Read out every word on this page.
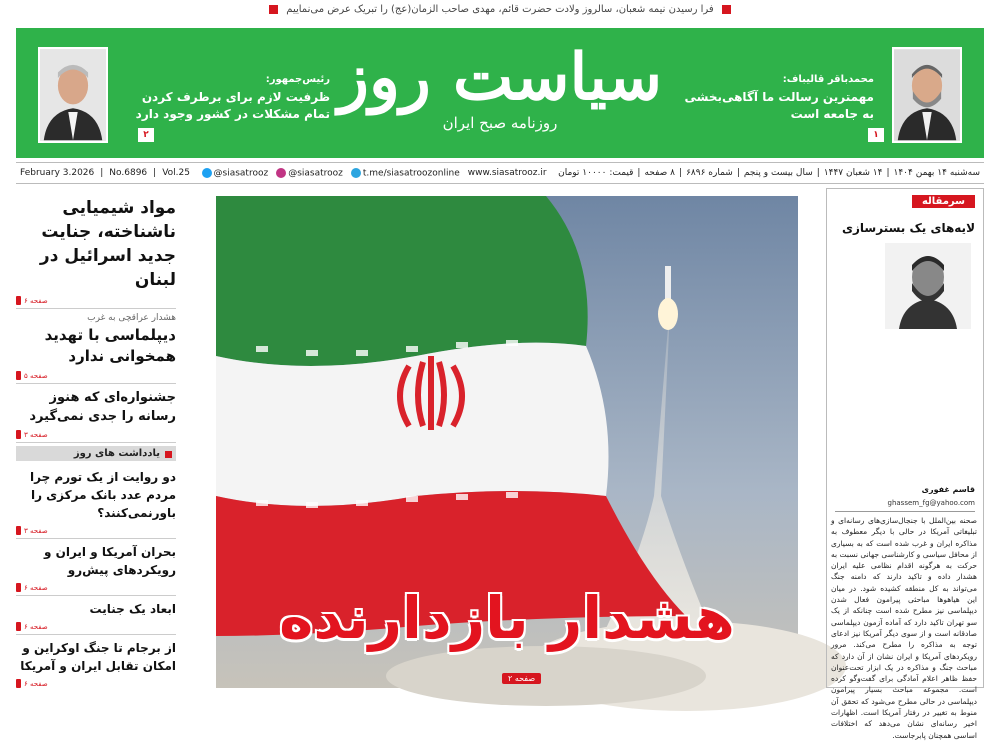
فرا رسیدن نیمه شعبان، سالروز ولادت حضرت قائم، مهدی صاحب الزمان(عج) را تبریک عرض می‌نماییم
محمدباقر قالیباف:
مهمترین رسالت ما آگاهی‌بخشی به جامعه است
۱
سیاست روز
روزنامه صبح ایران
رئیس‌جمهور:
ظرفیت لازم برای برطرف کردن تمام مشکلات در کشور وجود دارد
۲
سه‌شنبه ۱۴ بهمن ۱۴۰۴
|
۱۴ شعبان ۱۴۴۷
|
سال بیست و پنجم
|
شماره ۶۸۹۶
|
۸ صفحه
|
قیمت: ۱۰۰۰۰ تومان
@siasatrooz	@siasatrooz	t.me/siasatroozonline www.siasatrooz.ir
February 3.2026 | No.6896 | Vol.25
مواد شیمیایی ناشناخته، جنایت جدید اسرائیل در لبنان
صفحه ۶
هشدار عراقچی به غرب
دیپلماسی با تهدید همخوانی ندارد
صفحه ۵
جشنواره‌ای که هنوز رسانه را جدی نمی‌گیرد
صفحه ۳
یادداشت های روز
دو روایت از یک تورم چرا مردم عدد بانک مرکزی را باورنمی‌کنند؟
صفحه ۳
بحران آمریکا و ایران و رویکردهای پیش‌رو
صفحه ۶
ابعاد یک جنایت
صفحه ۶
از برجام تا جنگ اوکراین و امکان تقابل ایران و آمریکا
صفحه ۶
هشدار بازدارنده
صفحه ۲
سرمقاله
لایه‌های یک بسترسازی
قاسم غفوری
ghassem_fg@yahoo.com
صحنه بین‌الملل با جنجال‌سازی‌های رسانه‌ای و تبلیغاتی آمریکا در حالی با دیگر معطوف به مذاکره ایران و غرب شده است که به بسیاری از محافل سیاسی و کارشناسی جهانی نسبت به حرکت به هرگونه اقدام نظامی علیه ایران هشدار داده و تاکید دارند که دامنه جنگ می‌تواند به کل منطقه کشیده شود. در میان این هیاهوها مباحثی پیرامون فعال شدن دیپلماسی نیز مطرح شده است چنانکه از یک سو تهران تاکید دارد که آماده آزمون دیپلماسی صادقانه است و از سوی دیگر آمریکا نیز ادعای توجه به مذاکره را مطرح می‌کند. مرور رویکردهای آمریکا و ایران نشان از آن دارد که مباحث جنگ و مذاکره در یک ابزار تحت‌عنوان حفظ ظاهر اعلام آمادگی برای گفت‌وگو کرده است. مجموعه مباحث بسیار پیرامون دیپلماسی در حالی مطرح می‌شود که تحقق آن منوط به تغییر در رفتار آمریکا است. اظهارات اخیر رسانه‌ای نشان می‌دهد که اختلافات اساسی همچنان پابرجاست.
